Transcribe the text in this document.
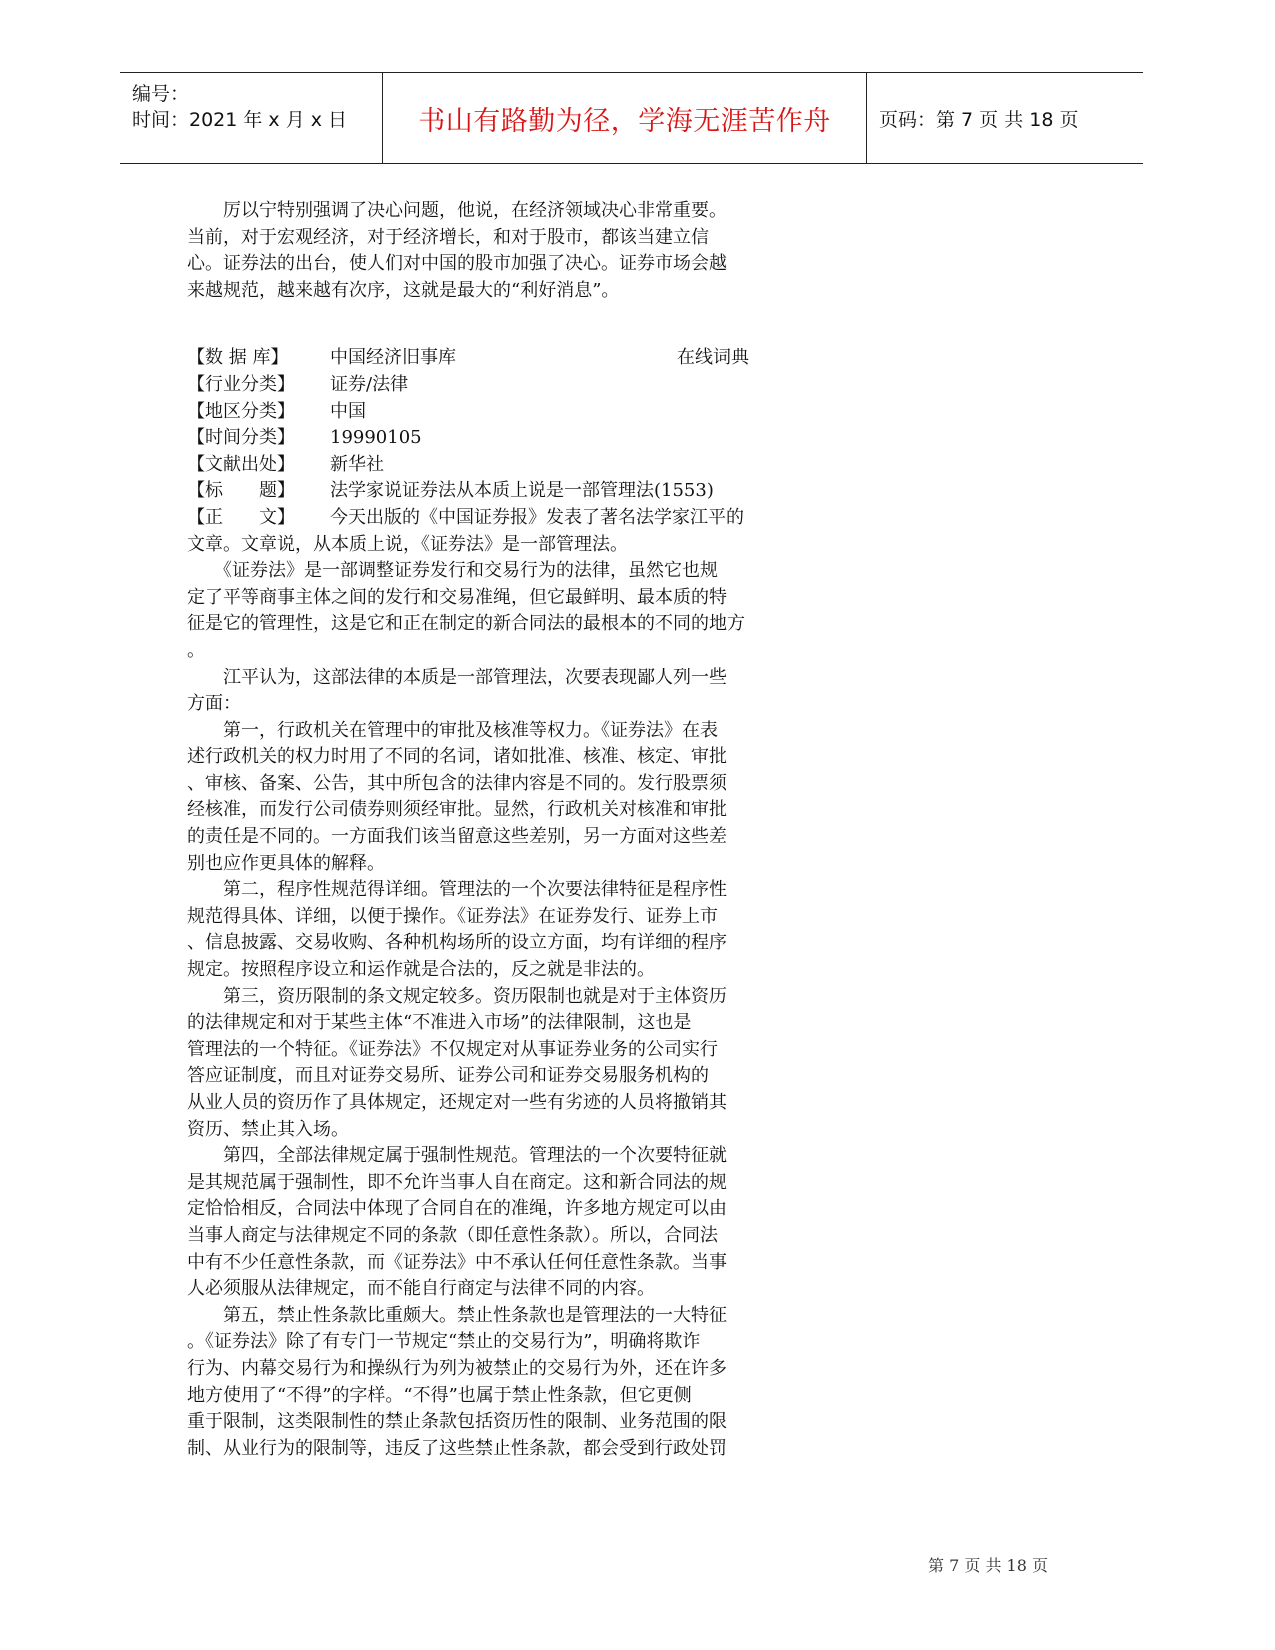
编号：
时间：2021 年 x 月 x 日	书山有路勤为径，学海无涯苦作舟	页码：第 7 页 共 18 页
　　厉以宁特别强调了决心问题，他说，在经济领域决心非常重要。
当前，对于宏观经济，对于经济增长，和对于股市，都该当建立信
心。证券法的出台，使人们对中国的股市加强了决心。证券市场会越
来越规范，越来越有次序，这就是最大的“利好消息”。
【数 据 库】	中国经济旧事库	在线词典
【行业分类】	证券/法律
【地区分类】	中国
【时间分类】	19990105
【文献出处】	新华社
【标　　题】	法学家说证券法从本质上说是一部管理法(1553)
【正　　文】	今天出版的《中国证券报》发表了著名法学家江平的
文章。文章说，从本质上说，《证券法》是一部管理法。
　　《证券法》是一部调整证券发行和交易行为的法律，虽然它也规
定了平等商事主体之间的发行和交易准绳，但它最鲜明、最本质的特
征是它的管理性，这是它和正在制定的新合同法的最根本的不同的地方
。
　　江平认为，这部法律的本质是一部管理法，次要表现鄙人列一些
方面：
　　第一，行政机关在管理中的审批及核准等权力。《证券法》在表
述行政机关的权力时用了不同的名词，诸如批准、核准、核定、审批
、审核、备案、公告，其中所包含的法律内容是不同的。发行股票须
经核准，而发行公司债券则须经审批。显然，行政机关对核准和审批
的责任是不同的。一方面我们该当留意这些差别，另一方面对这些差
别也应作更具体的解释。
　　第二，程序性规范得详细。管理法的一个次要法律特征是程序性
规范得具体、详细，以便于操作。《证券法》在证券发行、证券上市
、信息披露、交易收购、各种机构场所的设立方面，均有详细的程序
规定。按照程序设立和运作就是合法的，反之就是非法的。
　　第三，资历限制的条文规定较多。资历限制也就是对于主体资历
的法律规定和对于某些主体“不准进入市场”的法律限制，这也是
管理法的一个特征。《证券法》不仅规定对从事证券业务的公司实行
答应证制度，而且对证券交易所、证券公司和证券交易服务机构的
从业人员的资历作了具体规定，还规定对一些有劣迹的人员将撤销其
资历、禁止其入场。
　　第四，全部法律规定属于强制性规范。管理法的一个次要特征就
是其规范属于强制性，即不允许当事人自在商定。这和新合同法的规
定恰恰相反，合同法中体现了合同自在的准绳，许多地方规定可以由
当事人商定与法律规定不同的条款（即任意性条款）。所以，合同法
中有不少任意性条款，而《证券法》中不承认任何任意性条款。当事
人必须服从法律规定，而不能自行商定与法律不同的内容。
　　第五，禁止性条款比重颇大。禁止性条款也是管理法的一大特征
。《证券法》除了有专门一节规定“禁止的交易行为”，明确将欺诈
行为、内幕交易行为和操纵行为列为被禁止的交易行为外，还在许多
地方使用了“不得”的字样。“不得”也属于禁止性条款，但它更侧
重于限制，这类限制性的禁止条款包括资历性的限制、业务范围的限
制、从业行为的限制等，违反了这些禁止性条款，都会受到行政处罚
第 7 页 共 18 页
